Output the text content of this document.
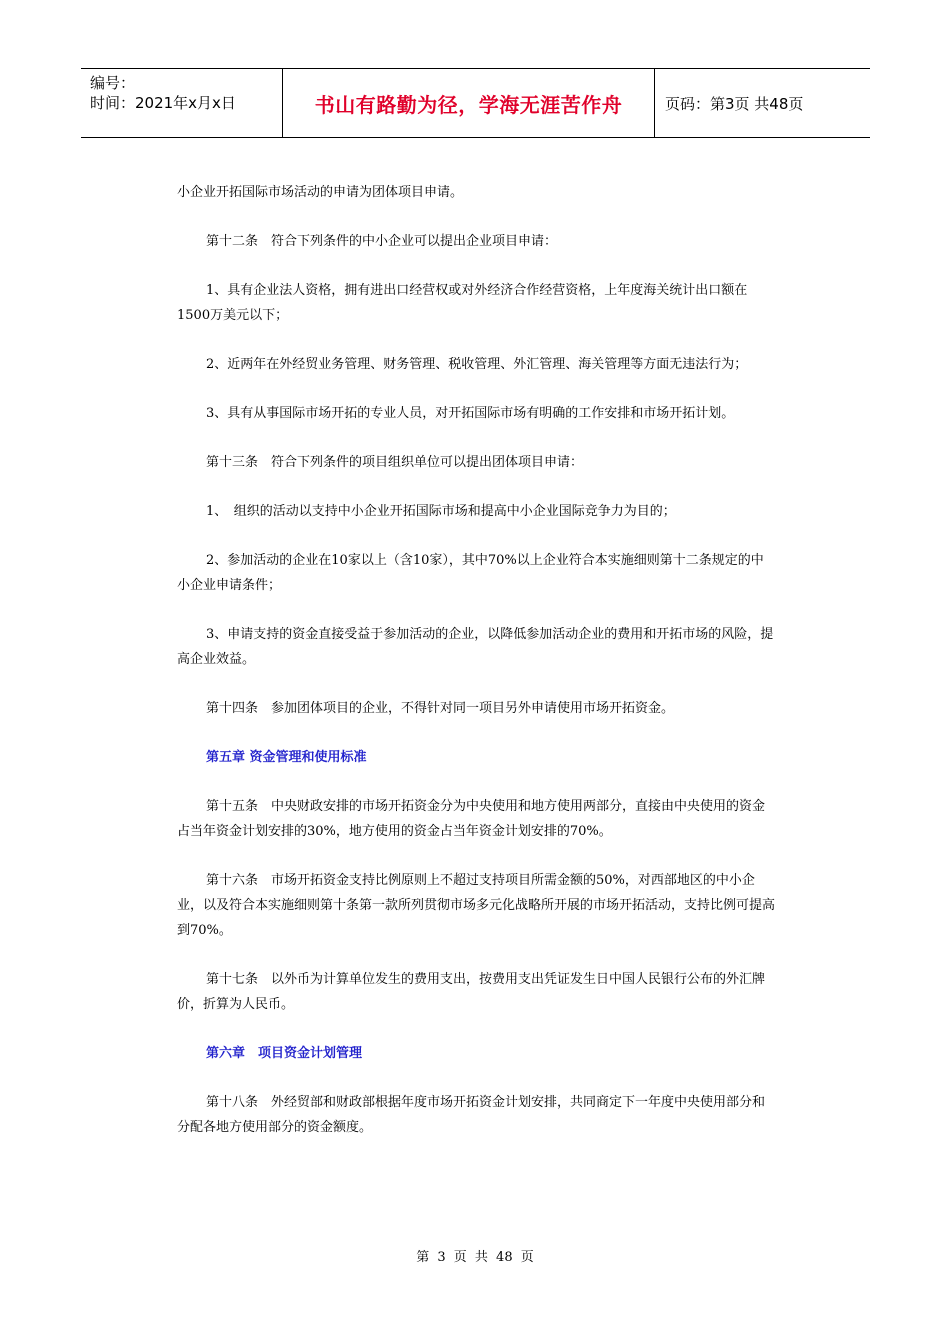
编号：
时间：2021年x月x日	书山有路勤为径，学海无涯苦作舟	页码：第3页 共48页

小企业开拓国际市场活动的申请为团体项目申请。

第十二条　符合下列条件的中小企业可以提出企业项目申请：

1、具有企业法人资格，拥有进出口经营权或对外经济合作经营资格，上年度海关统计出口额在1500万美元以下；

2、近两年在外经贸业务管理、财务管理、税收管理、外汇管理、海关管理等方面无违法行为；

3、具有从事国际市场开拓的专业人员，对开拓国际市场有明确的工作安排和市场开拓计划。

第十三条　符合下列条件的项目组织单位可以提出团体项目申请：

1、　组织的活动以支持中小企业开拓国际市场和提高中小企业国际竞争力为目的；

2、参加活动的企业在10家以上（含10家），其中70%以上企业符合本实施细则第十二条规定的中小企业申请条件；

3、申请支持的资金直接受益于参加活动的企业，以降低参加活动企业的费用和开拓市场的风险，提高企业效益。

第十四条　参加团体项目的企业，不得针对同一项目另外申请使用市场开拓资金。

第五章 资金管理和使用标准

第十五条　中央财政安排的市场开拓资金分为中央使用和地方使用两部分，直接由中央使用的资金占当年资金计划安排的30%，地方使用的资金占当年资金计划安排的70%。

第十六条　市场开拓资金支持比例原则上不超过支持项目所需金额的50%，对西部地区的中小企业，以及符合本实施细则第十条第一款所列贯彻市场多元化战略所开展的市场开拓活动，支持比例可提高到70%。

第十七条　以外币为计算单位发生的费用支出，按费用支出凭证发生日中国人民银行公布的外汇牌价，折算为人民币。

第六章　项目资金计划管理

第十八条　外经贸部和财政部根据年度市场开拓资金计划安排，共同商定下一年度中央使用部分和分配各地方使用部分的资金额度。

第 3 页 共 48 页
